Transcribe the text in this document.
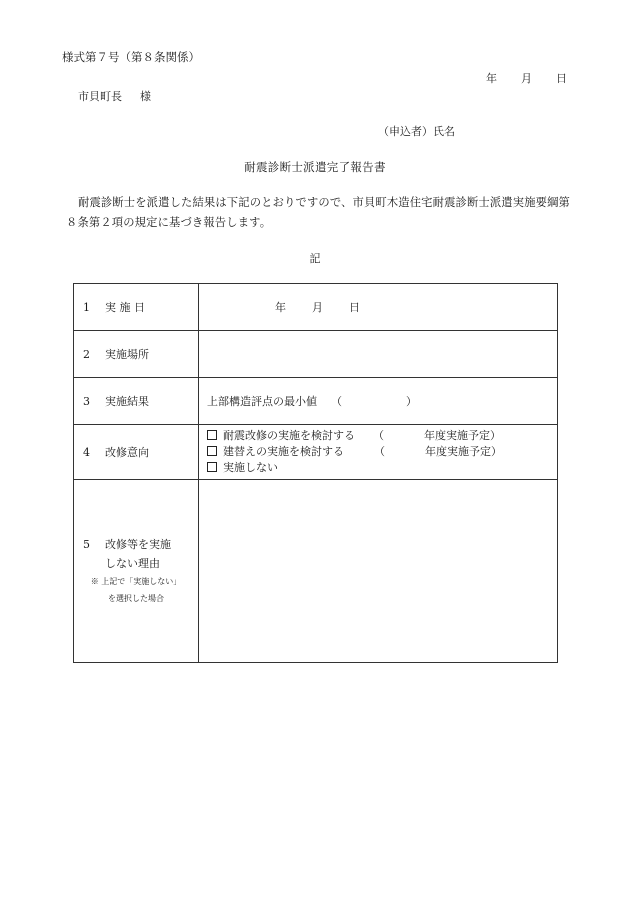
様式第７号（第８条関係）
年 月 日
市貝町長 様
（申込者）氏名
耐震診断士派遣完了報告書
耐震診断士を派遣した結果は下記のとおりですので、市貝町木造住宅耐震診断士派遣実施要綱第８条第２項の規定に基づき報告します。
記
1 実 施 日	年 月 日
2 実施場所	
3 実施結果	上部構造評点の最小値 （ ）
4 改修意向	耐震改修の実施を検討する （ 年度実施予定）
建替えの実施を検討する （ 年度実施予定）
実施しない

5 改修等を実施
しない理由
※ 上記で「実施しない」
を選択した場合	
